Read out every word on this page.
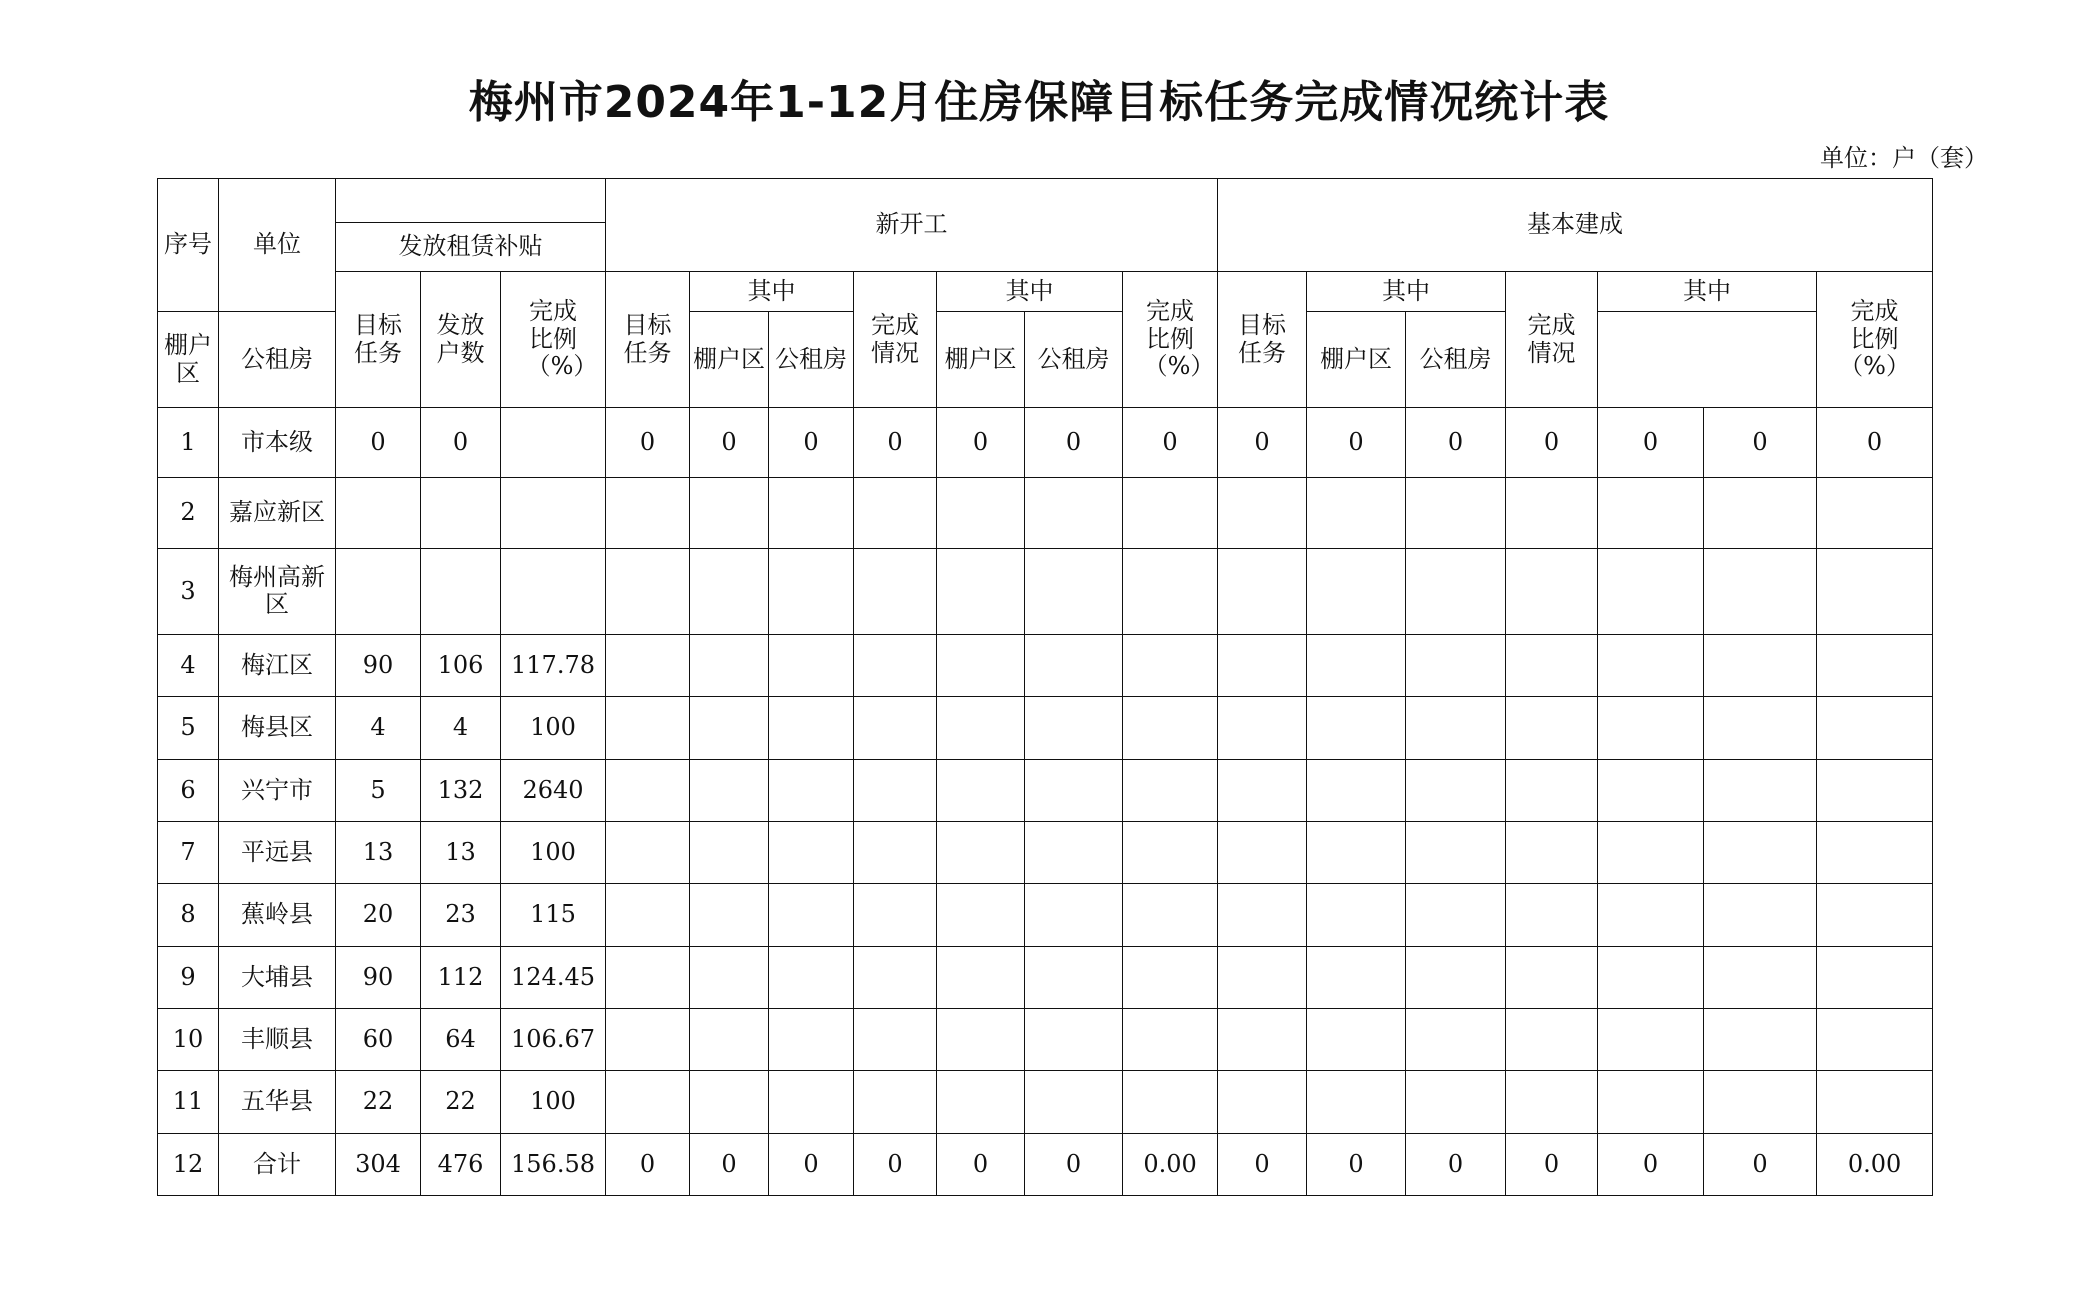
梅州市2024年1-12月住房保障目标任务完成情况统计表
单位：户（套）
序号	单位				新开工							基本建成						
		发放租赁补贴																
		目标任务	发放户数	完成比例（%）	目标任务	其中		完成情况	其中		完成比例（%）	目标任务	其中		完成情况	其中		完成　比例（%）
棚户区	公租房					棚户区	公租房		棚户区	公租房			棚户区	公租房				
1	市本级	0	0		0	0	0	0	0	0	0	0	0	0	0	0	0	0
2	嘉应新区																	
3	梅州高新区																	
4	梅江区	90	106	117.78														
5	梅县区	4	4	100														
6	兴宁市	5	132	2640														
7	平远县	13	13	100														
8	蕉岭县	20	23	115														
9	大埔县	90	112	124.45														
10	丰顺县	60	64	106.67														
11	五华县	22	22	100														
12	合计	304	476	156.58	0	0	0	0	0	0	0.00	0	0	0	0	0	0	0.00
